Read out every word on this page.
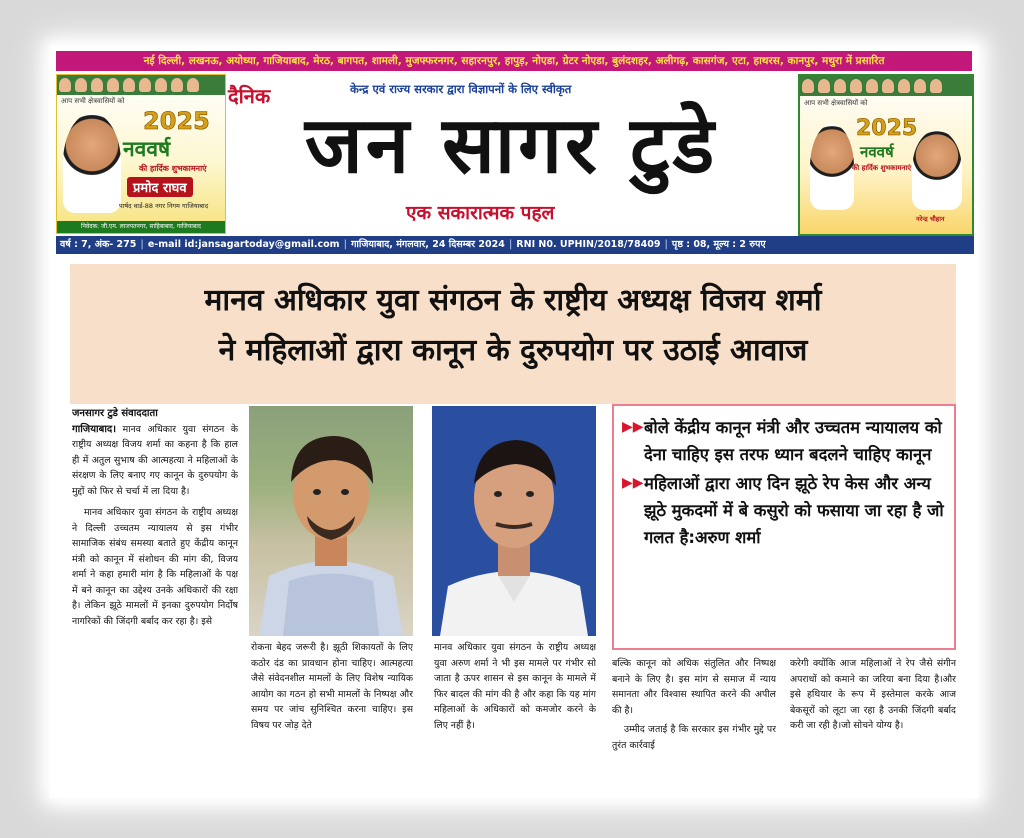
नई दिल्ली, लखनऊ, अयोध्या, गाजियाबाद, मेरठ, बागपत, शामली, मुजफ्फरनगर, सहारनपुर, हापुड़, नोएडा, ग्रेटर नोएडा, बुलंदशहर, अलीगढ़, कासगंज, एटा, हाथरस, कानपुर, मथुरा में प्रसारित
आप सभी क्षेत्रवासियों को
2025
नववर्ष
की हार्दिक शुभकामनाएं
प्रमोद राघव
पार्षद वार्ड-88 नगर निगम गाजियाबाद
निवेदक: जी.एम. लाजपतनगर, साहिबाबाद, गाजियाबाद
दैनिक	केन्द्र एवं राज्य सरकार द्वारा विज्ञापनों के लिए स्वीकृत
जन सागर टुडे
एक सकारात्मक पहल
आप सभी क्षेत्रवासियों को
2025
नववर्ष
की हार्दिक शुभकामनाएं
नरेन्द्र चौहान
वर्ष : 7, अंक- 275 | e-mail id:jansagartoday@gmail.com | गाजियाबाद, मंगलवार, 24 दिसम्बर 2024 | RNI N0. UPHIN/2018/78409 | पृष्ठ : 08, मूल्य : 2 रुपए
मानव अधिकार युवा संगठन के राष्ट्रीय अध्यक्ष विजय शर्मा
ने महिलाओं द्वारा कानून के दुरुपयोग पर उठाई आवाज

जनसागर टुडे संवाददाता

गाजियाबाद। मानव अधिकार युवा संगठन के राष्ट्रीय अध्यक्ष विजय शर्मा का कहना है कि हाल ही में अतुल सुभाष की आत्महत्या ने महिलाओं के संरक्षण के लिए बनाए गए कानून के दुरुपयोग के मुद्दों को फिर से चर्चा में ला दिया है।

मानव अधिकार युवा संगठन के राष्ट्रीय अध्यक्ष ने दिल्ली उच्चतम न्यायालय से इस गंभीर सामाजिक संबंध समस्या बताते हुए केंद्रीय कानून मंत्री को कानून में संशोधन की मांग की, विजय शर्मा ने कहा हमारी मांग है कि महिलाओं के पक्ष में बने कानून का उद्देश्य उनके अधिकारों की रक्षा है। लेकिन झूठे मामलों में इनका दुरुपयोग निर्दोष नागरिकों की जिंदगी बर्बाद कर रहा है। इसे

रोकना बेहद जरूरी है। झूठी शिकायतों के लिए कठोर दंड का प्रावधान होना चाहिए। आत्महत्या जैसे संवेदनशील मामलों के लिए विशेष न्यायिक आयोग का गठन हो सभी मामलों के निष्पक्ष और समय पर जांच सुनिश्चित करना चाहिए। इस विषय पर जोड़ देते

मानव अधिकार युवा संगठन के राष्ट्रीय अध्यक्ष युवा अरुण शर्मा ने भी इस मामले पर गंभीर सो जाता है ऊपर शासन से इस कानून के मामले में फिर बादल की मांग की है और कहा कि यह मांग महिलाओं के अधिकारों को कमजोर करने के लिए नहीं है।

▶▶ बोले केंद्रीय कानून मंत्री और उच्चतम न्यायालय को देना चाहिए इस तरफ ध्यान बदलने चाहिए कानून
▶▶ महिलाओं द्वारा आए दिन झूठे रेप केस और अन्य झूठे मुकदमों में बे कसुरो को फसाया जा रहा है जो गलत है:अरुण शर्मा

बल्कि कानून को अधिक संतुलित और निष्पक्ष बनाने के लिए है। इस मांग से समाज में न्याय समानता और विश्वास स्थापित करने की अपील की है।

उम्मीद जताई है कि सरकार इस गंभीर मुद्दे पर तुरंत कार्रवाई

करेगी क्योंकि आज महिलाओं ने रेप जैसे संगीन अपराधों को कमाने का जरिया बना दिया है।और इसे हथियार के रूप में इस्तेमाल करके आज बेकसूरों को लूटा जा रहा है उनकी जिंदगी बर्बाद करी जा रही है।जो सोचने योग्य है।
